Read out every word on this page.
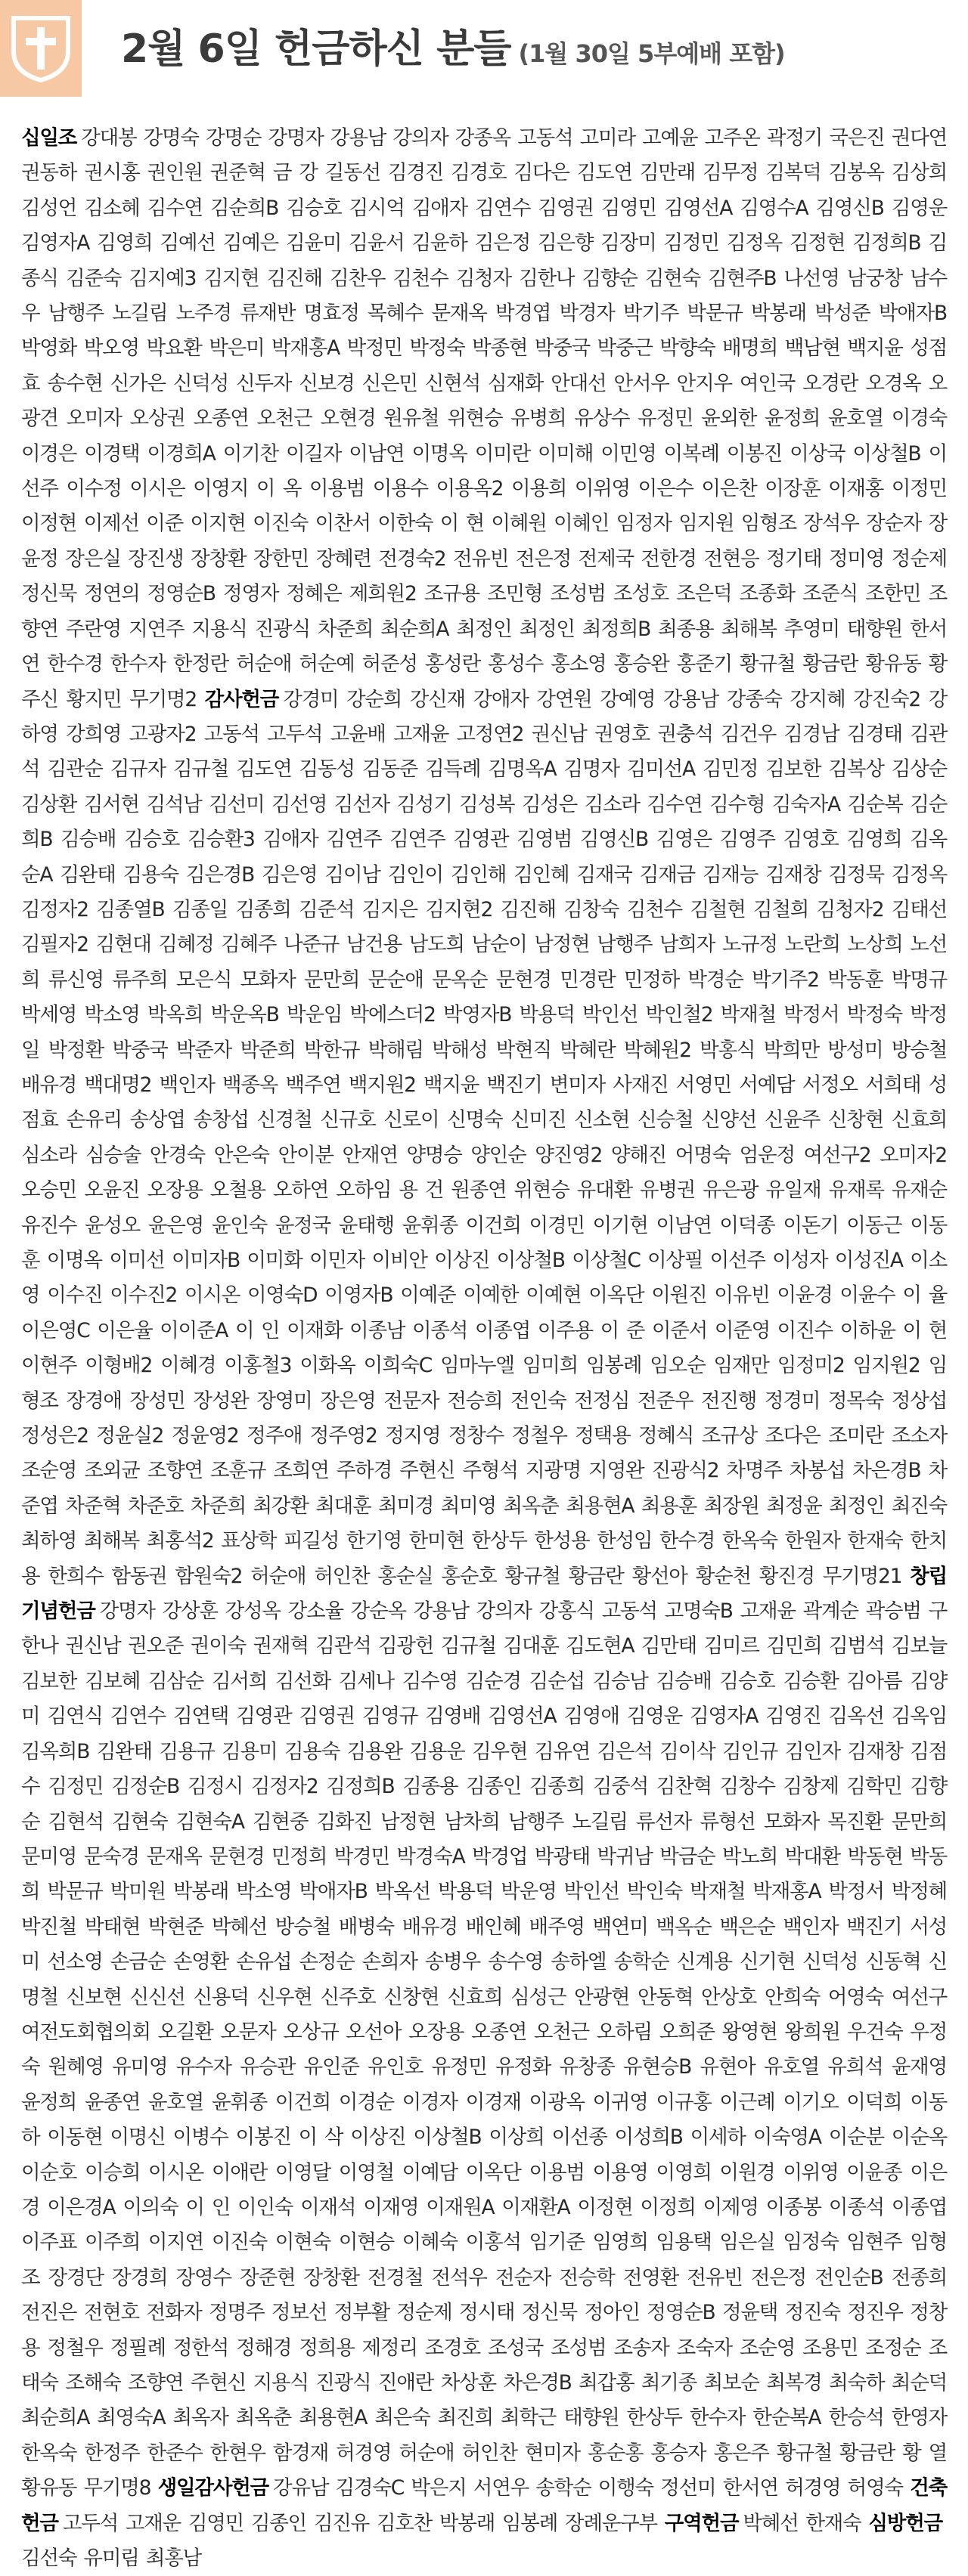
2월 6일 헌금하신 분들 (1월 30일 5부예배 포함)
십일조 강대봉 강명숙 강명순 강명자 강용남 강의자 강종옥 고동석 고미라 고예윤 고주온 곽정기 국은진 권다연 권동하 권시홍 권인원 권준혁 금 강 길동선 김경진 김경호 김다은 김도연 김만래 김무정 김복덕 김봉옥 김상희 김성언 김소혜 김수연 김순희B 김승호 김시억 김애자 김연수 김영권 김영민 김영선A 김영수A 김영신B 김영운 김영자A 김영희 김예선 김예은 김윤미 김윤서 김윤하 김은정 김은향 김장미 김정민 김정옥 김정현 김정희B 김종식 김준숙 김지예3 김지현 김진해 김찬우 김천수 김청자 김한나 김향순 김현숙 김현주B 나선영 남궁창 남수우 남행주 노길림 노주경 류재반 명효정 목혜수 문재옥 박경엽 박경자 박기주 박문규 박봉래 박성준 박애자B 박영화 박오영 박요환 박은미 박재홍A 박정민 박정숙 박종현 박중국 박중근 박향숙 배명희 백남현 백지윤 성점효 송수현 신가은 신덕성 신두자 신보경 신은민 신현석 심재화 안대선 안서우 안지우 여인국 오경란 오경옥 오광견 오미자 오상권 오종연 오천근 오현경 원유철 위현승 유병희 유상수 유정민 윤외한 윤정희 윤호열 이경숙 이경은 이경택 이경희A 이기찬 이길자 이남연 이명옥 이미란 이미해 이민영 이복례 이봉진 이상국 이상철B 이선주 이수정 이시은 이영지 이 옥 이용범 이용수 이용옥2 이용희 이위영 이은수 이은찬 이장훈 이재홍 이정민 이정현 이제선 이준 이지현 이진숙 이찬서 이한숙 이 현 이혜원 이혜인 임정자 임지원 임형조 장석우 장순자 장윤정 장은실 장진생 장창환 장한민 장혜련 전경숙2 전유빈 전은정 전제국 전한경 전현응 정기태 정미영 정순제 정신묵 정연의 정영순B 정영자 정혜은 제희원2 조규용 조민형 조성범 조성호 조은덕 조종화 조준식 조한민 조향연 주란영 지연주 지용식 진광식 차준희 최순희A 최정인 최정인 최정희B 최종용 최해복 추영미 태향원 한서연 한수경 한수자 한정란 허순애 허순예 허준성 홍성란 홍성수 홍소영 홍승완 홍준기 황규철 황금란 황유동 황주신 황지민 무기명2 감사헌금 강경미 강순희 강신재 강애자 강연원 강예영 강용남 강종숙 강지혜 강진숙2 강하영 강희영 고광자2 고동석 고두석 고윤배 고재윤 고정연2 권신남 권영호 권충석 김건우 김경남 김경태 김관석 김관순 김규자 김규철 김도연 김동성 김동준 김득례 김명옥A 김명자 김미선A 김민정 김보한 김복상 김상순 김상환 김서현 김석남 김선미 김선영 김선자 김성기 김성복 김성은 김소라 김수연 김수형 김숙자A 김순복 김순희B 김승배 김승호 김승환3 김애자 김연주 김연주 김영관 김영범 김영신B 김영은 김영주 김영호 김영희 김옥순A 김완태 김용숙 김은경B 김은영 김이남 김인이 김인해 김인혜 김재국 김재금 김재능 김재창 김정묵 김정옥 김정자2 김종열B 김종일 김종희 김준석 김지은 김지현2 김진해 김창숙 김천수 김철현 김철희 김청자2 김태선 김필자2 김현대 김혜정 김혜주 나준규 남건용 남도희 남순이 남정현 남행주 남희자 노규정 노란희 노상희 노선희 류신영 류주희 모은식 모화자 문만희 문순애 문옥순 문현경 민경란 민정하 박경순 박기주2 박동훈 박명규 박세영 박소영 박옥희 박운옥B 박운임 박에스더2 박영자B 박용덕 박인선 박인철2 박재철 박정서 박정숙 박정일 박정환 박중국 박준자 박준희 박한규 박해림 박해성 박현직 박혜란 박혜원2 박홍식 박희만 방성미 방승철 배유경 백대명2 백인자 백종옥 백주연 백지원2 백지윤 백진기 변미자 사재진 서영민 서예담 서정오 서희태 성점효 손유리 송상엽 송창섭 신경철 신규호 신로이 신명숙 신미진 신소현 신승철 신양선 신윤주 신창현 신효희 심소라 심승술 안경숙 안은숙 안이분 안재연 양명승 양인순 양진영2 양해진 어명숙 엄운정 여선구2 오미자2 오승민 오윤진 오장용 오철용 오하연 오하임 용 건 원종연 위현승 유대환 유병권 유은광 유일재 유재록 유재순 유진수 윤성오 윤은영 윤인숙 윤정국 윤태행 윤휘종 이건희 이경민 이기현 이남연 이덕종 이돈기 이동근 이동훈 이명옥 이미선 이미자B 이미화 이민자 이비안 이상진 이상철B 이상철C 이상필 이선주 이성자 이성진A 이소영 이수진 이수진2 이시온 이영숙D 이영자B 이예준 이예한 이예현 이옥단 이원진 이유빈 이윤경 이윤수 이 율 이은영C 이은율 이이준A 이 인 이재화 이종남 이종석 이종엽 이주용 이 준 이준서 이준영 이진수 이하윤 이 현 이현주 이형배2 이혜경 이홍철3 이화옥 이희숙C 임마누엘 임미희 임봉례 임오순 임재만 임정미2 임지원2 임형조 장경애 장성민 장성완 장영미 장은영 전문자 전승희 전인숙 전정심 전준우 전진행 정경미 정목숙 정상섭 정성은2 정윤실2 정윤영2 정주애 정주영2 정지영 정창수 정철우 정택용 정혜식 조규상 조다은 조미란 조소자 조순영 조외균 조향연 조훈규 조희연 주하경 주현신 주형석 지광명 지영완 진광식2 차명주 차봉섭 차은경B 차준엽 차준혁 차준호 차준희 최강환 최대훈 최미경 최미영 최옥춘 최용현A 최용훈 최장원 최정윤 최정인 최진숙 최하영 최해복 최홍석2 표상학 피길성 한기영 한미현 한상두 한성용 한성임 한수경 한옥숙 한원자 한재숙 한치용 한희수 함동권 함원숙2 허순애 허인찬 홍순실 홍순호 황규철 황금란 황선아 황순천 황진경 무기명21 창립기념헌금 강명자 강상훈 강성옥 강소율 강순옥 강용남 강의자 강홍식 고동석 고명숙B 고재윤 곽계순 곽승범 구한나 권신남 권오준 권이숙 권재혁 김관석 김광헌 김규철 김대훈 김도현A 김만태 김미르 김민희 김범석 김보늘 김보한 김보혜 김삼순 김서희 김선화 김세나 김수영 김순경 김순섭 김승남 김승배 김승호 김승환 김아름 김양미 김연식 김연수 김연택 김영관 김영권 김영규 김영배 김영선A 김영애 김영운 김영자A 김영진 김옥선 김옥임 김옥희B 김완태 김용규 김용미 김용숙 김용완 김용운 김우현 김유연 김은석 김이삭 김인규 김인자 김재창 김점수 김정민 김정순B 김정시 김정자2 김정희B 김종용 김종인 김종희 김중석 김찬혁 김창수 김창제 김학민 김향순 김현석 김현숙 김현숙A 김현중 김화진 남정현 남차희 남행주 노길림 류선자 류형선 모화자 목진환 문만희 문미영 문숙경 문재옥 문현경 민정희 박경민 박경숙A 박경업 박광태 박귀남 박금순 박노희 박대환 박동현 박동희 박문규 박미원 박봉래 박소영 박애자B 박옥선 박용덕 박운영 박인선 박인숙 박재철 박재홍A 박정서 박정혜 박진철 박태현 박현준 박혜선 방승철 배병숙 배유경 배인혜 배주영 백연미 백옥순 백은순 백인자 백진기 서성미 선소영 손금순 손영환 손유섭 손정순 손희자 송병우 송수영 송하엘 송학순 신계용 신기현 신덕성 신동혁 신명철 신보현 신신선 신용덕 신우현 신주호 신창현 신효희 심성근 안광현 안동혁 안상호 안희숙 어영숙 여선구 여전도회협의회 오길환 오문자 오상규 오선아 오장용 오종연 오천근 오하림 오희준 왕영현 왕희원 우건숙 우정숙 원혜영 유미영 유수자 유승관 유인준 유인호 유정민 유정화 유창종 유현승B 유현아 유호열 유희석 윤재영 윤정희 윤종연 윤호열 윤휘종 이건희 이경순 이경자 이경재 이광옥 이귀영 이규홍 이근례 이기오 이덕희 이동하 이동현 이명신 이병수 이봉진 이 삭 이상진 이상철B 이상희 이선종 이성희B 이세하 이숙영A 이순분 이순옥 이순호 이승희 이시온 이애란 이영달 이영철 이예담 이옥단 이용범 이용영 이영희 이원경 이위영 이윤종 이은경 이은경A 이의숙 이 인 이인숙 이재석 이재영 이재원A 이재환A 이정현 이정희 이제영 이종봉 이종석 이종엽 이주표 이주희 이지연 이진숙 이현숙 이현승 이혜숙 이홍석 임기준 임영희 임용택 임은실 임정숙 임현주 임형조 장경단 장경희 장영수 장준현 장창환 전경철 전석우 전순자 전승학 전영환 전유빈 전은정 전인순B 전종희 전진은 전현호 전화자 정명주 정보선 정부활 정순제 정시태 정신묵 정아인 정영순B 정윤택 정진숙 정진우 정창용 정철우 정필례 정한석 정해경 정희용 제정리 조경호 조성국 조성범 조송자 조숙자 조순영 조용민 조정순 조태숙 조해숙 조향연 주현신 지용식 진광식 진애란 차상훈 차은경B 최갑홍 최기종 최보순 최복경 최숙하 최순덕 최순희A 최영숙A 최옥자 최옥춘 최용현A 최은숙 최진희 최학근 태향원 한상두 한수자 한순복A 한승석 한영자 한옥숙 한정주 한준수 한현우 함경재 허경영 허순애 허인찬 현미자 홍순홍 홍승자 홍은주 황규철 황금란 황 열 황유동 무기명8 생일감사헌금 강유남 김경숙C 박은지 서연우 송학순 이행숙 정선미 한서연 허경영 허영숙 건축헌금 고두석 고재운 김영민 김종인 김진유 김호찬 박봉래 임봉례 장례운구부 구역헌금 박혜선 한재숙 심방헌금김선숙 유미림 최홍남
